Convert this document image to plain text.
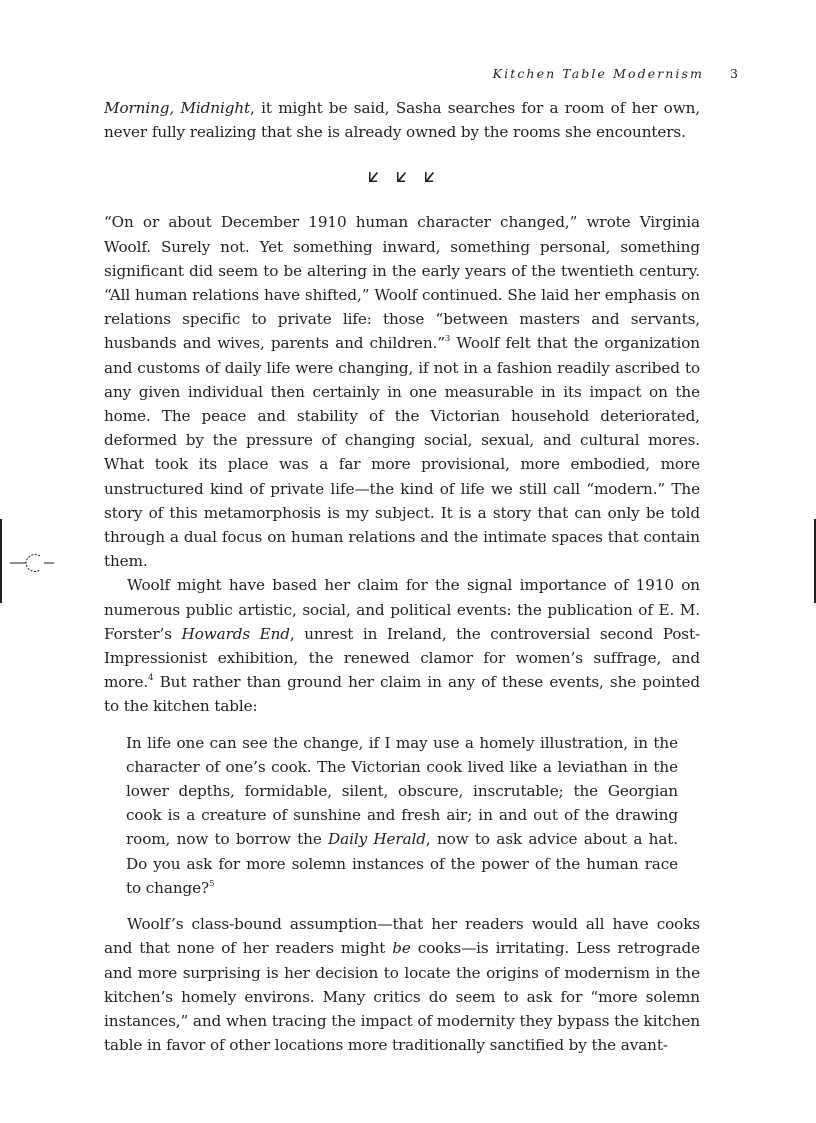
Kitchen Table Modernism 3

Morning, Midnight, it might be said, Sasha searches for a room of her own, never fully realizing that she is already owned by the rooms she encounters.

“On or about December 1910 human character changed,” wrote Virginia Woolf. Surely not. Yet something inward, something personal, something significant did seem to be altering in the early years of the twentieth century. “All human relations have shifted,” Woolf continued. She laid her emphasis on relations specific to private life: those “between masters and servants, husbands and wives, parents and children.”$^3$ Woolf felt that the organization and customs of daily life were changing, if not in a fashion readily ascribed to any given individual then certainly in one measurable in its impact on the home. The peace and stability of the Victorian household deteriorated, deformed by the pressure of changing social, sexual, and cultural mores. What took its place was a far more provisional, more embodied, more unstructured kind of private life—the kind of life we still call “modern.” The story of this metamorphosis is my subject. It is a story that can only be told through a dual focus on human relations and the intimate spaces that contain them.

Woolf might have based her claim for the signal importance of 1910 on numerous public artistic, social, and political events: the publication of E. M. Forster’s Howards End, unrest in Ireland, the controversial second Post-Impressionist exhibition, the renewed clamor for women’s suffrage, and more.$^4$ But rather than ground her claim in any of these events, she pointed to the kitchen table:

In life one can see the change, if I may use a homely illustration, in the character of one’s cook. The Victorian cook lived like a leviathan in the lower depths, formidable, silent, obscure, inscrutable; the Georgian cook is a creature of sunshine and fresh air; in and out of the drawing room, now to borrow the Daily Herald, now to ask advice about a hat. Do you ask for more solemn instances of the power of the human race to change?$^5$

Woolf’s class-bound assumption—that her readers would all have cooks and that none of her readers might be cooks—is irritating. Less retrograde and more surprising is her decision to locate the origins of modernism in the kitchen’s homely environs. Many critics do seem to ask for “more solemn instances,” and when tracing the impact of modernity they bypass the kitchen table in favor of other locations more traditionally sanctified by the avant-
